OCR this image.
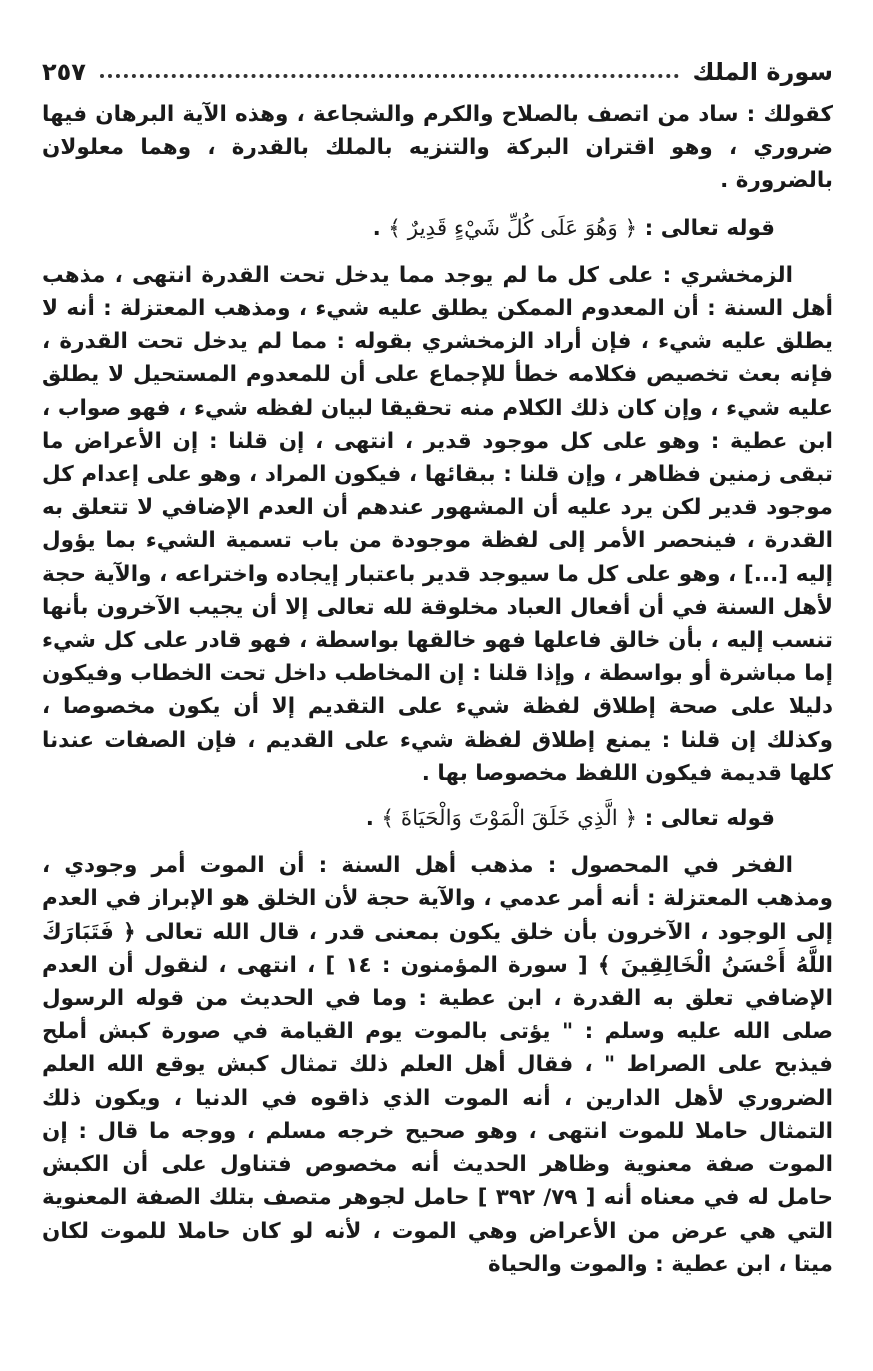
سورة الملك
٢٥٧

كقولك : ساد من اتصف بالصلاح والكرم والشجاعة ، وهذه الآية البرهان فيها ضروري ، وهو اقتران البركة والتنزيه بالملك بالقدرة ، وهما معلولان بالضرورة .

قوله تعالى : ﴿ وَهُوَ عَلَى كُلِّ شَيْءٍ قَدِيرٌ ﴾ .

الزمخشري : على كل ما لم يوجد مما يدخل تحت القدرة انتهى ، مذهب أهل السنة : أن المعدوم الممكن يطلق عليه شيء ، ومذهب المعتزلة : أنه لا يطلق عليه شيء ، فإن أراد الزمخشري بقوله : مما لم يدخل تحت القدرة ، فإنه بعث تخصيص فكلامه خطأ للإجماع على أن للمعدوم المستحيل لا يطلق عليه شيء ، وإن كان ذلك الكلام منه تحقيقا لبيان لفظه شيء ، فهو صواب ، ابن عطية : وهو على كل موجود قدير ، انتهى ، إن قلنا : إن الأعراض ما تبقى زمنين فظاهر ، وإن قلنا : ببقائها ، فيكون المراد ، وهو على إعدام كل موجود قدير لكن يرد عليه أن المشهور عندهم أن العدم الإضافي لا تتعلق به القدرة ، فينحصر الأمر إلى لفظة موجودة من باب تسمية الشيء بما يؤول إليه [...] ، وهو على كل ما سيوجد قدير باعتبار إيجاده واختراعه ، والآية حجة لأهل السنة في أن أفعال العباد مخلوقة لله تعالى إلا أن يجيب الآخرون بأنها تنسب إليه ، بأن خالق فاعلها فهو خالقها بواسطة ، فهو قادر على كل شيء إما مباشرة أو بواسطة ، وإذا قلنا : إن المخاطب داخل تحت الخطاب وفيكون دليلا على صحة إطلاق لفظة شيء على التقديم إلا أن يكون مخصوصا ، وكذلك إن قلنا : يمنع إطلاق لفظة شيء على القديم ، فإن الصفات عندنا كلها قديمة فيكون اللفظ مخصوصا بها .

قوله تعالى : ﴿ الَّذِي خَلَقَ الْمَوْتَ وَالْحَيَاةَ ﴾ .

الفخر في المحصول : مذهب أهل السنة : أن الموت أمر وجودي ، ومذهب المعتزلة : أنه أمر عدمي ، والآية حجة لأن الخلق هو الإبراز في العدم إلى الوجود ، الآخرون بأن خلق يكون بمعنى قدر ، قال الله تعالى ﴿ فَتَبَارَكَ اللَّهُ أَحْسَنُ الْخَالِقِينَ ﴾ [ سورة المؤمنون : ١٤ ] ، انتهى ، لنقول أن العدم الإضافي تعلق به القدرة ، ابن عطية : وما في الحديث من قوله الرسول صلى الله عليه وسلم : " يؤتى بالموت يوم القيامة في صورة كبش أملح فيذبح على الصراط " ، فقال أهل العلم ذلك تمثال كبش يوقع الله العلم الضروري لأهل الدارين ، أنه الموت الذي ذاقوه في الدنيا ، ويكون ذلك التمثال حاملا للموت انتهى ، وهو صحيح خرجه مسلم ، ووجه ما قال : إن الموت صفة معنوية وظاهر الحديث أنه مخصوص فتناول على أن الكبش حامل له في معناه أنه [ ٧٩/ ٣٩٢ ] حامل لجوهر متصف بتلك الصفة المعنوية التي هي عرض من الأعراض وهي الموت ، لأنه لو كان حاملا للموت لكان ميتا ، ابن عطية : والموت والحياة
